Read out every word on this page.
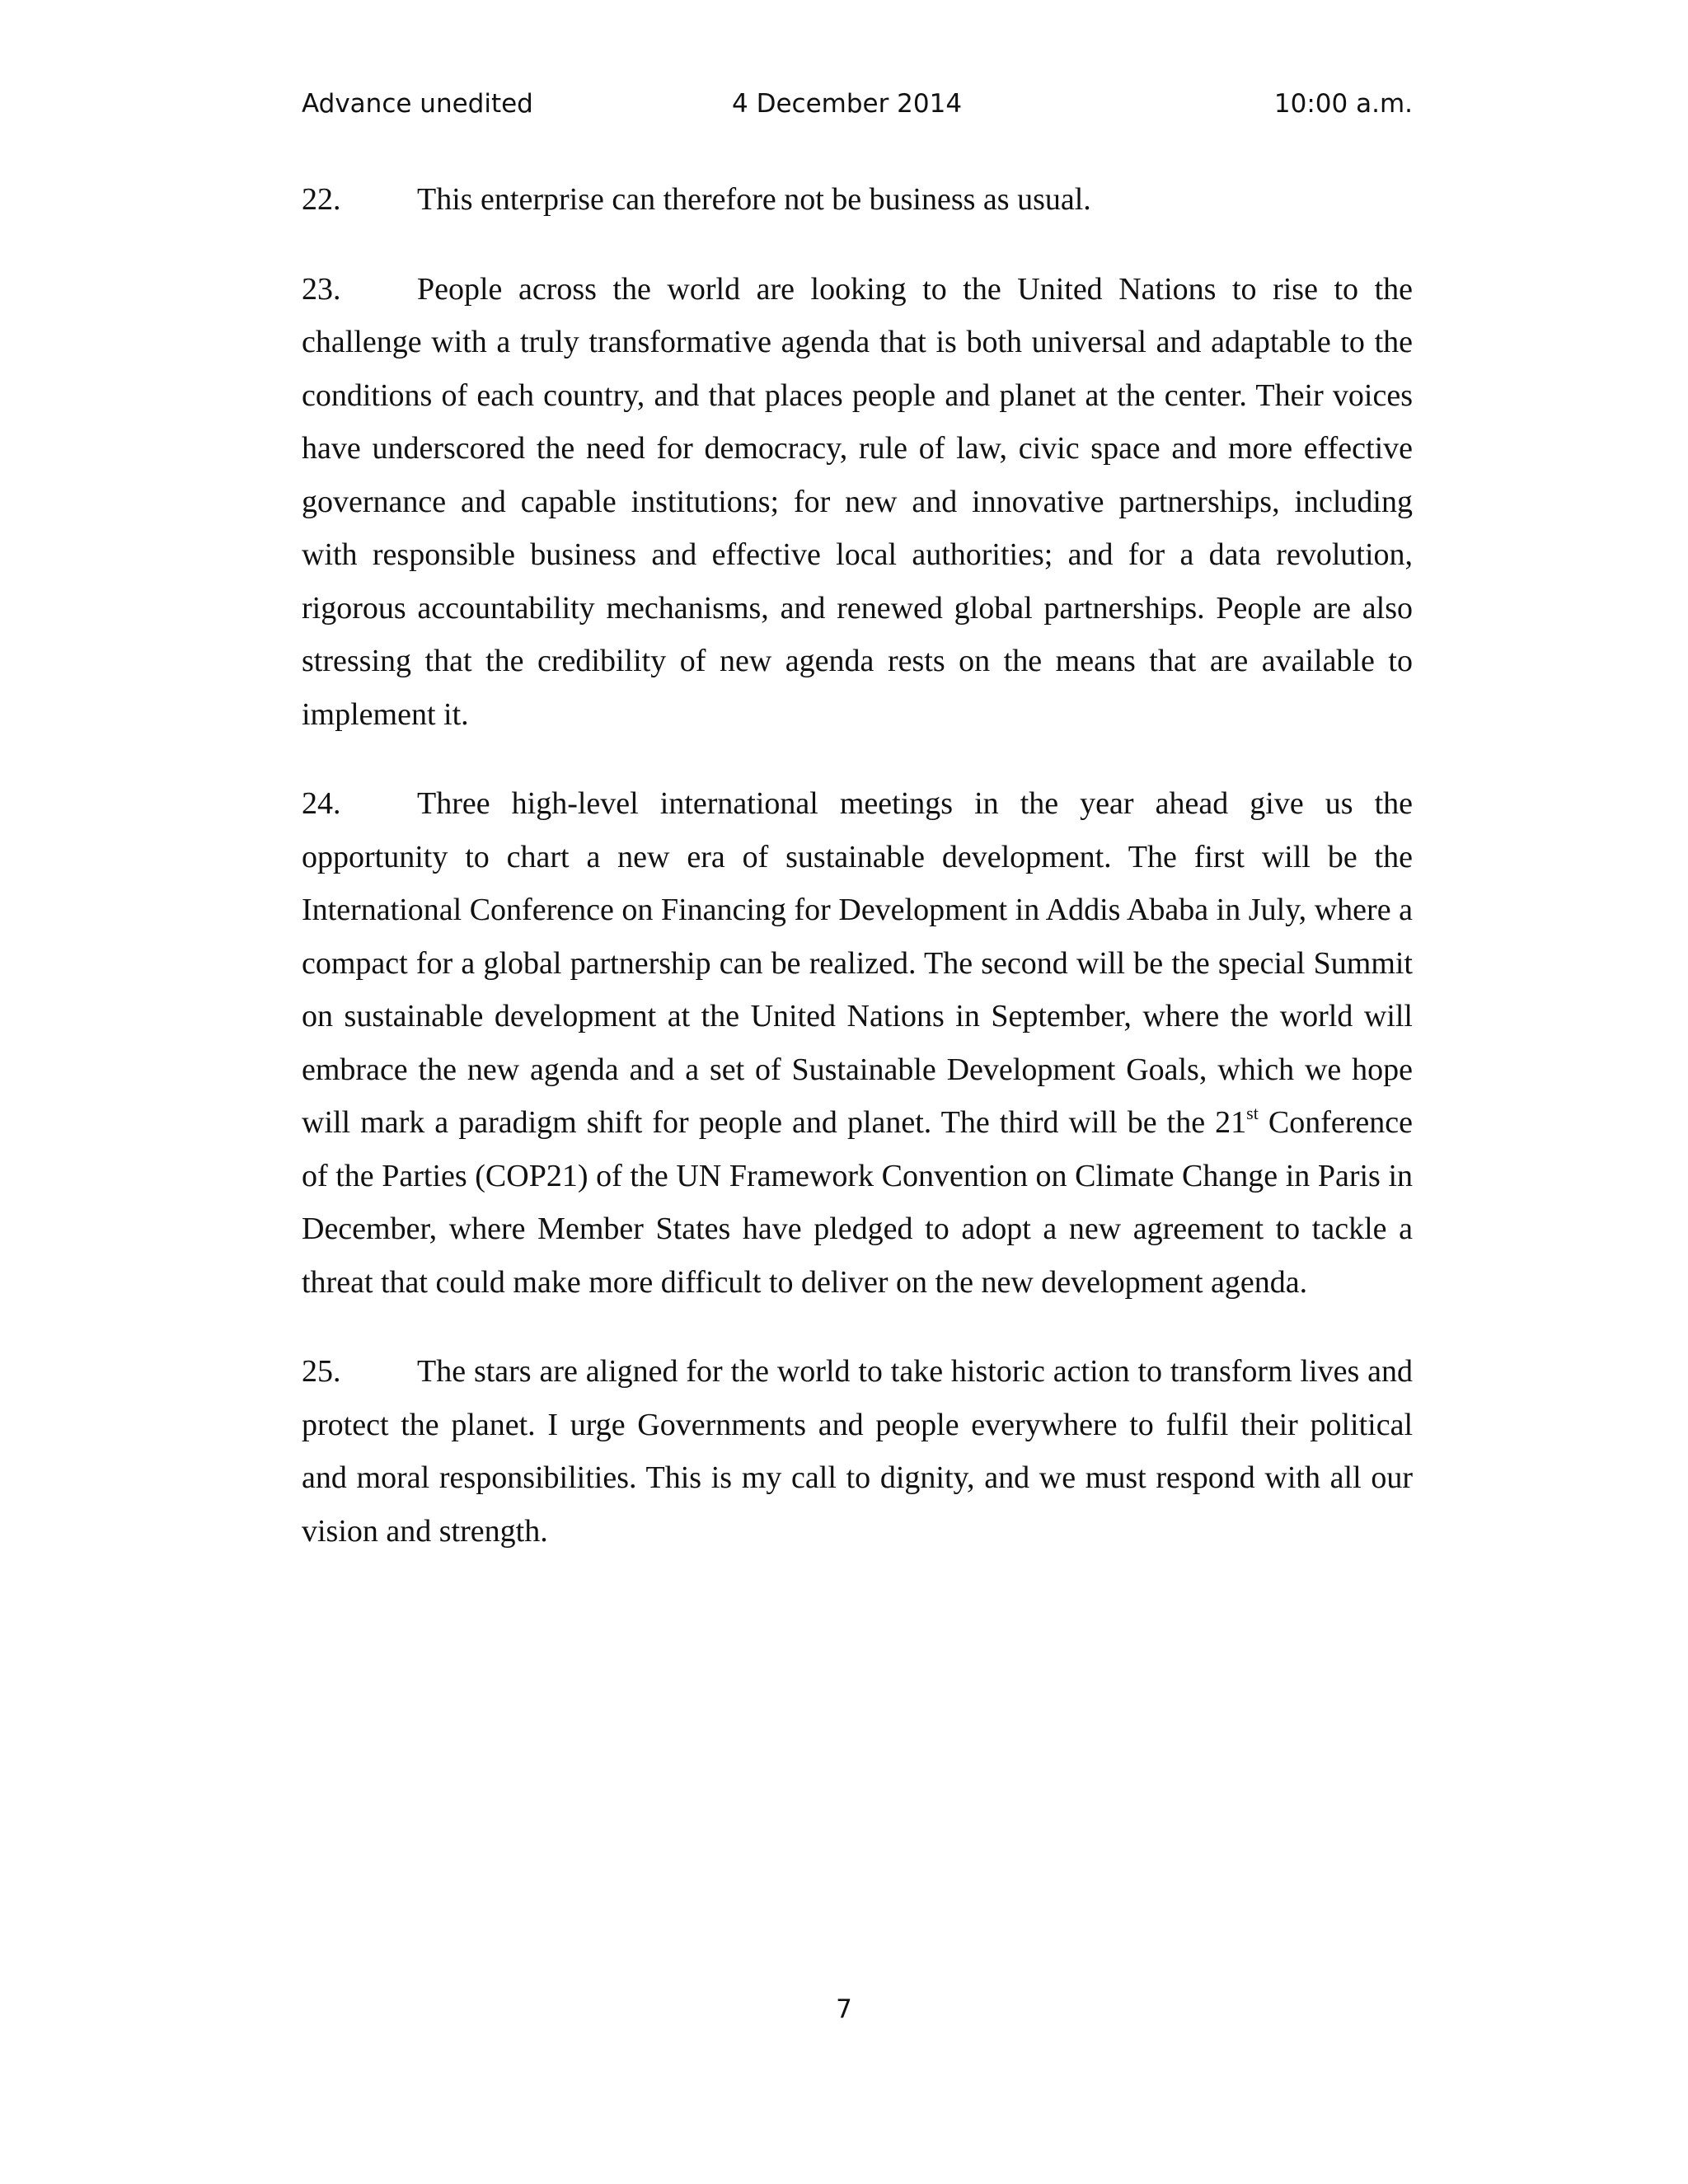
Advance unedited	4 December 2014	10:00 a.m.

22. This enterprise can therefore not be business as usual.

23. People across the world are looking to the United Nations to rise to the challenge with a truly transformative agenda that is both universal and adaptable to the conditions of each country, and that places people and planet at the center. Their voices have underscored the need for democracy, rule of law, civic space and more effective governance and capable institutions; for new and innovative partnerships, including with responsible business and effective local authorities; and for a data revolution, rigorous accountability mechanisms, and renewed global partnerships. People are also stressing that the credibility of new agenda rests on the means that are available to implement it.

24. Three high-level international meetings in the year ahead give us the opportunity to chart a new era of sustainable development. The first will be the International Conference on Financing for Development in Addis Ababa in July, where a compact for a global partnership can be realized. The second will be the special Summit on sustainable development at the United Nations in September, where the world will embrace the new agenda and a set of Sustainable Development Goals, which we hope will mark a paradigm shift for people and planet. The third will be the 21st Conference of the Parties (COP21) of the UN Framework Convention on Climate Change in Paris in December, where Member States have pledged to adopt a new agreement to tackle a threat that could make more difficult to deliver on the new development agenda.

25. The stars are aligned for the world to take historic action to transform lives and protect the planet. I urge Governments and people everywhere to fulfil their political and moral responsibilities. This is my call to dignity, and we must respond with all our vision and strength.

7
